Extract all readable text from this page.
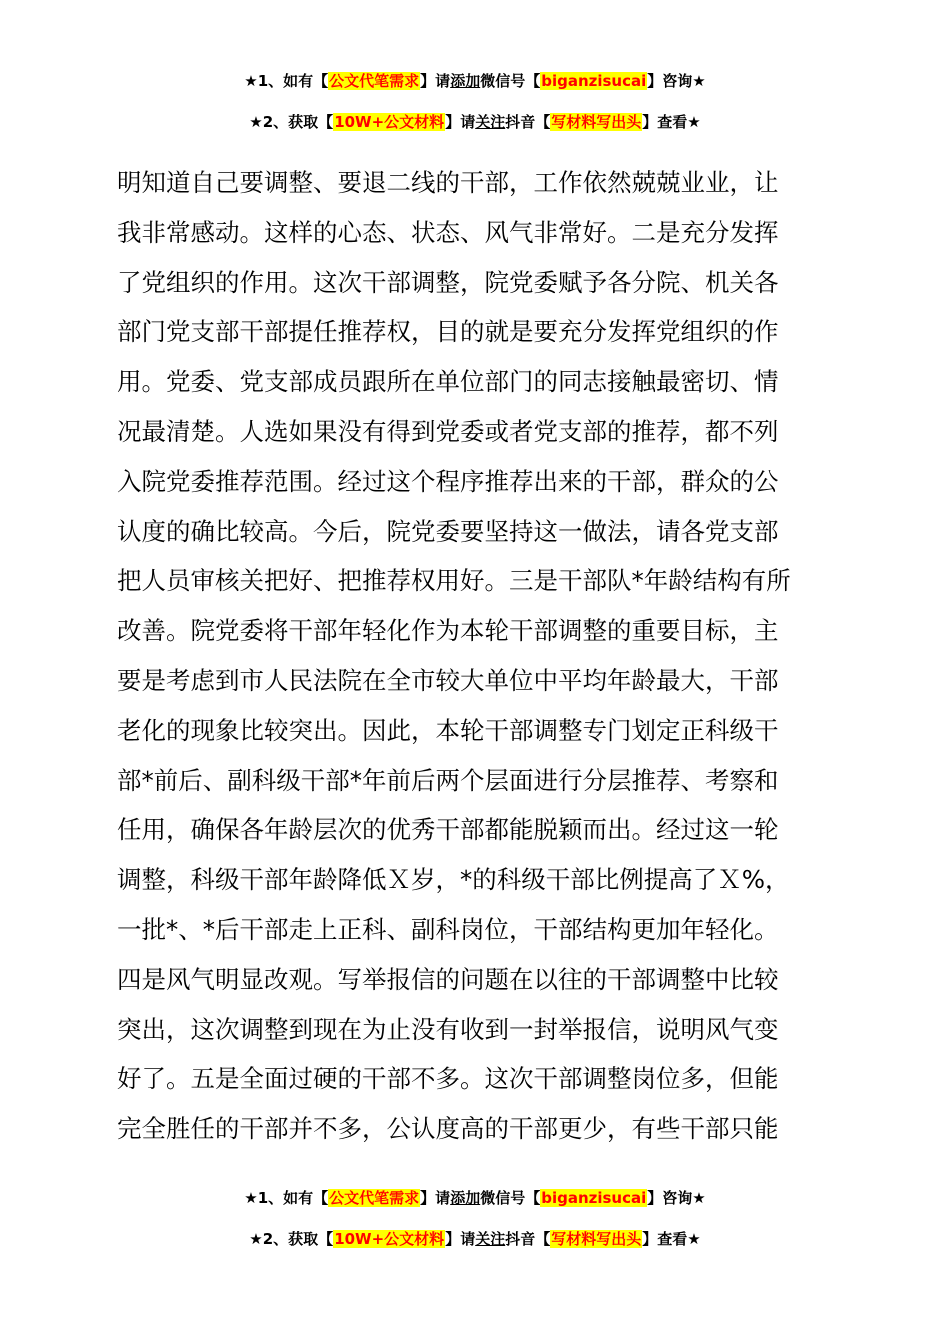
★1、如有【公文代笔需求】请添加微信号【biganzisucai】咨询★
★2、获取【10W+公文材料】请关注抖音【写材料写出头】查看★
明知道自己要调整、要退二线的干部，工作依然兢兢业业，让
我非常感动。这样的心态、状态、风气非常好。二是充分发挥
了党组织的作用。这次干部调整，院党委赋予各分院、机关各
部门党支部干部提任推荐权，目的就是要充分发挥党组织的作
用。党委、党支部成员跟所在单位部门的同志接触最密切、情
况最清楚。人选如果没有得到党委或者党支部的推荐，都不列
入院党委推荐范围。经过这个程序推荐出来的干部，群众的公
认度的确比较高。今后，院党委要坚持这一做法，请各党支部
把人员审核关把好、把推荐权用好。三是干部队*年龄结构有所
改善。院党委将干部年轻化作为本轮干部调整的重要目标，主
要是考虑到市人民法院在全市较大单位中平均年龄最大，干部
老化的现象比较突出。因此，本轮干部调整专门划定正科级干
部*前后、副科级干部*年前后两个层面进行分层推荐、考察和
任用，确保各年龄层次的优秀干部都能脱颖而出。经过这一轮
调整，科级干部年龄降低Ｘ岁，*的科级干部比例提高了Ｘ%，
一批*、*后干部走上正科、副科岗位，干部结构更加年轻化。
四是风气明显改观。写举报信的问题在以往的干部调整中比较
突出，这次调整到现在为止没有收到一封举报信，说明风气变
好了。五是全面过硬的干部不多。这次干部调整岗位多，但能
完全胜任的干部并不多，公认度高的干部更少，有些干部只能
★1、如有【公文代笔需求】请添加微信号【biganzisucai】咨询★
★2、获取【10W+公文材料】请关注抖音【写材料写出头】查看★
